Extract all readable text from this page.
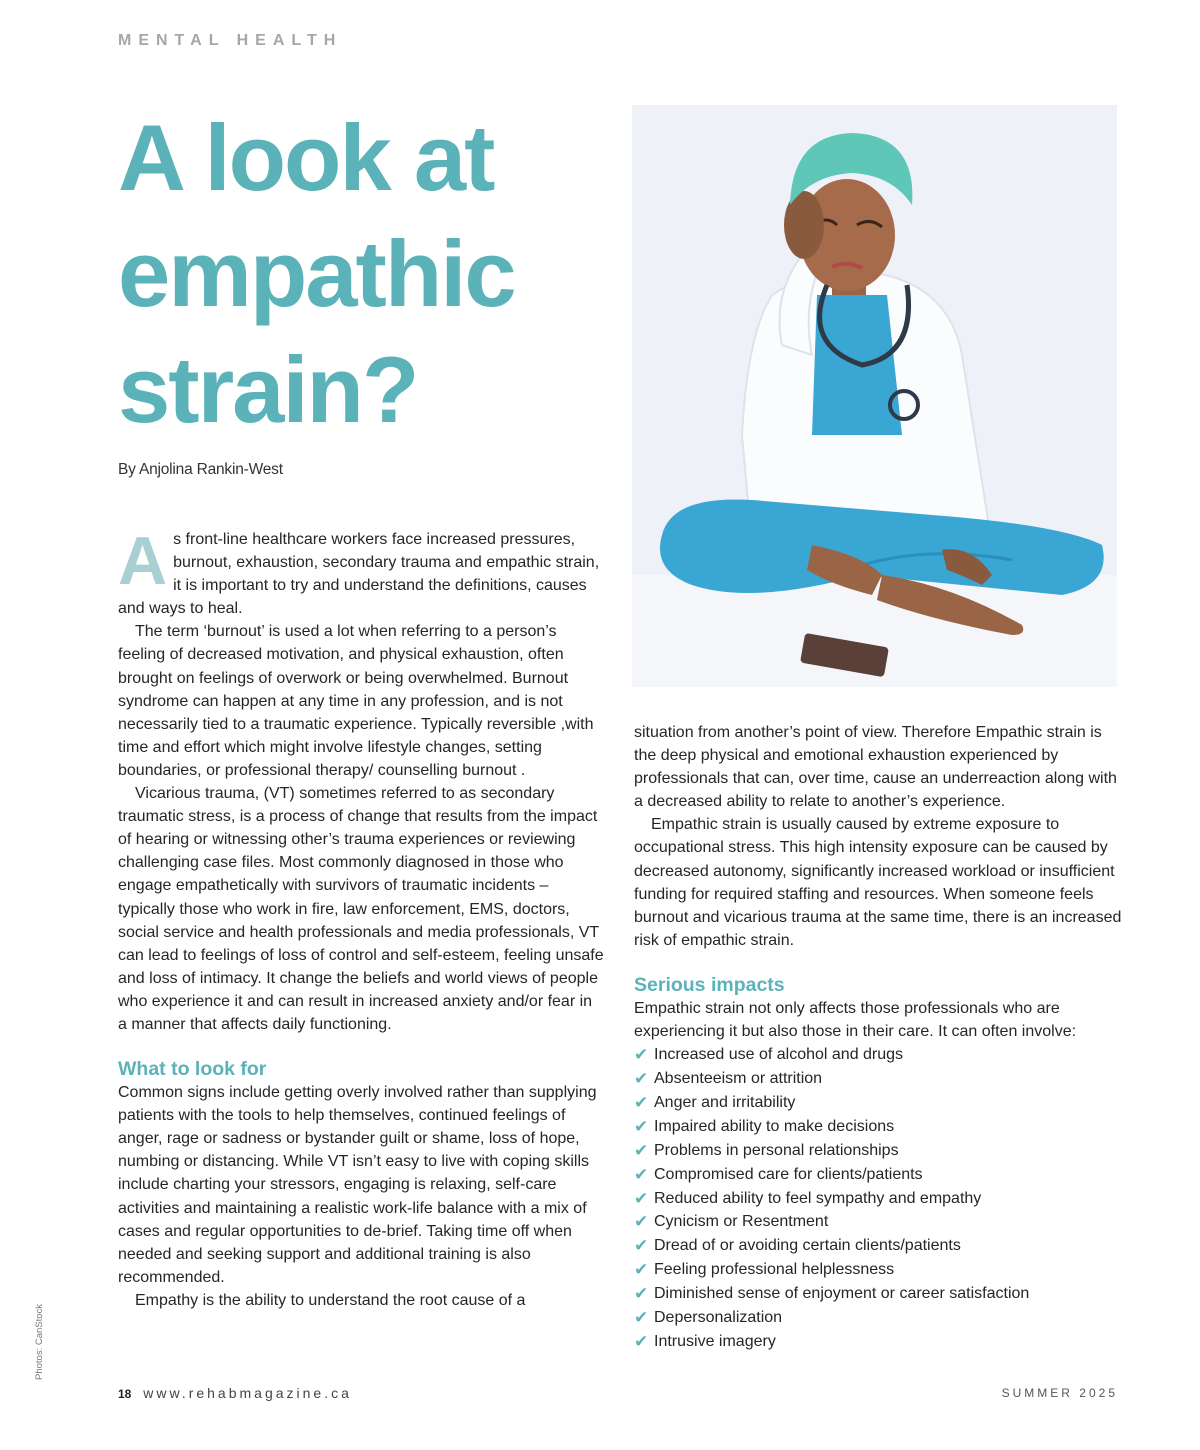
MENTAL HEALTH
A look at
empathic
strain?
By Anjolina Rankin-West

As front-line healthcare workers face increased pressures, burnout, exhaustion, secondary trauma and empathic strain, it is important to try and understand the definitions, causes and ways to heal.

The term ‘burnout’ is used a lot when referring to a person’s feeling of decreased motivation, and physical exhaustion, often brought on feelings of overwork or being overwhelmed. Burnout syndrome can happen at any time in any profession, and is not necessarily tied to a traumatic experience. Typically reversible ,with time and effort which might involve lifestyle changes, setting boundaries, or professional therapy/ counselling burnout .

Vicarious trauma, (VT) sometimes referred to as secondary traumatic stress, is a process of change that results from the impact of hearing or witnessing other’s trauma experiences or reviewing challenging case files. Most commonly diagnosed in those who engage empathetically with survivors of traumatic incidents – typically those who work in fire, law enforcement, EMS, doctors, social service and health professionals and media professionals, VT can lead to feelings of loss of control and self-esteem, feeling unsafe and loss of intimacy. It change the beliefs and world views of people who experience it and can result in increased anxiety and/or fear in a manner that affects daily functioning.

What to look for

Common signs include getting overly involved rather than supplying patients with the tools to help themselves, continued feelings of anger, rage or sadness or bystander guilt or shame, loss of hope, numbing or distancing. While VT isn’t easy to live with coping skills include charting your stressors, engaging is relaxing, self-care activities and maintaining a realistic work-life balance with a mix of cases and regular opportunities to de-brief. Taking time off when needed and seeking support and additional training is also recommended.

Empathy is the ability to understand the root cause of a

situation from another’s point of view. Therefore Empathic strain is the deep physical and emotional exhaustion experienced by professionals that can, over time, cause an underreaction along with a decreased ability to relate to another’s experience.

Empathic strain is usually caused by extreme exposure to occupational stress. This high intensity exposure can be caused by decreased autonomy, significantly increased workload or insufficient funding for required staffing and resources. When someone feels burnout and vicarious trauma at the same time, there is an increased risk of empathic strain.

Serious impacts

Empathic strain not only affects those professionals who are experiencing it but also those in their care. It can often involve:

✔ Increased use of alcohol and drugs
✔ Absenteeism or attrition
✔ Anger and irritability
✔ Impaired ability to make decisions
✔ Problems in personal relationships
✔ Compromised care for clients/patients
✔ Reduced ability to feel sympathy and empathy
✔ Cynicism or Resentment
✔ Dread of or avoiding certain clients/patients
✔ Feeling professional helplessness
✔ Diminished sense of enjoyment or career satisfaction
✔ Depersonalization
✔ Intrusive imagery
Photos: CanStock
18 www.rehabmagazine.ca	SUMMER 2025
